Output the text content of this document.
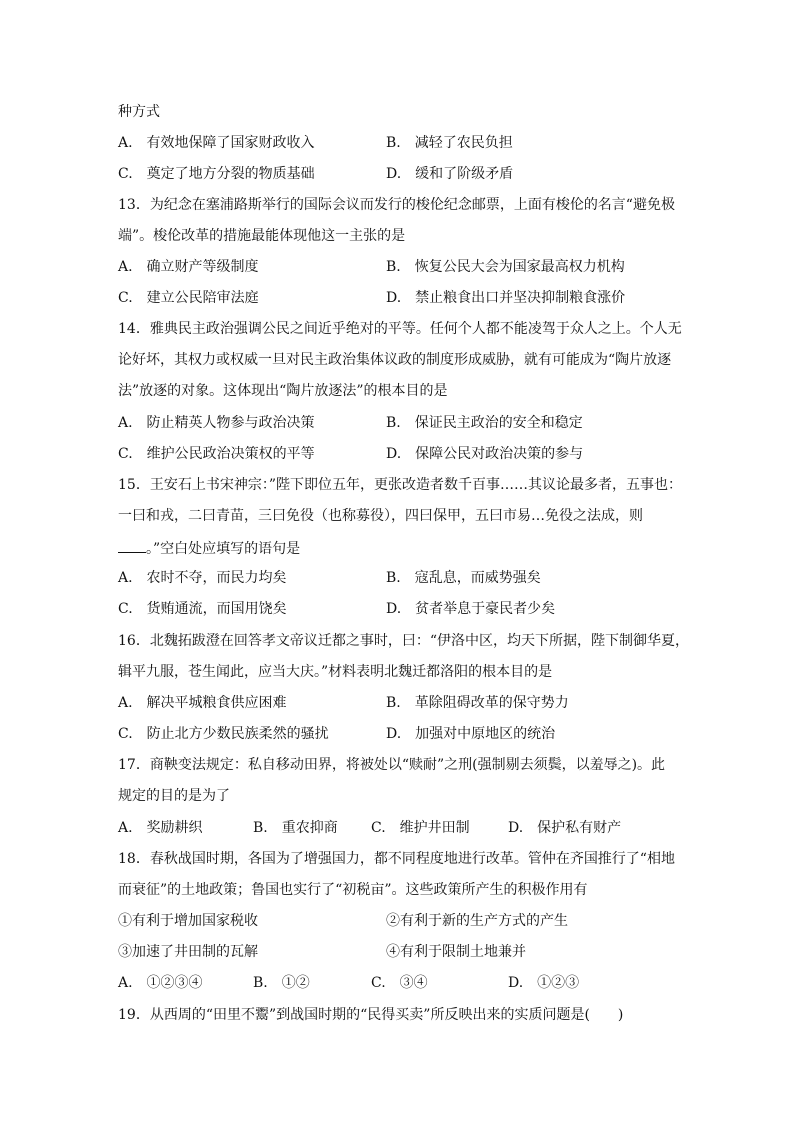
种方式
A.　有效地保障了国家财政收入	B.　减轻了农民负担
C.　奠定了地方分裂的物质基础	D.　缓和了阶级矛盾
13．为纪念在塞浦路斯举行的国际会议而发行的梭伦纪念邮票，上面有梭伦的名言“避免极
端”。梭伦改革的措施最能体现他这一主张的是
A.　确立财产等级制度	B.　恢复公民大会为国家最高权力机构
C.　建立公民陪审法庭	D.　禁止粮食出口并坚决抑制粮食涨价
14．雅典民主政治强调公民之间近乎绝对的平等。任何个人都不能凌驾于众人之上。个人无
论好坏，其权力或权威一旦对民主政治集体议政的制度形成威胁，就有可能成为“陶片放逐
法”放逐的对象。这体现出“陶片放逐法”的根本目的是
A.　防止精英人物参与政治决策	B.　保证民主政治的安全和稳定
C.　维护公民政治决策权的平等	D.　保障公民对政治决策的参与
15．王安石上书宋神宗：”陛下即位五年，更张改造者数千百事……其议论最多者，五事也：
一曰和戎，二曰青苗，三曰免役（也称募役），四曰保甲，五曰市易…免役之法成，则
。”空白处应填写的语句是
A.　农时不夺，而民力均矣	B.　寇乱息，而威势强矣
C.　货贿通流，而国用饶矣	D.　贫者举息于豪民者少矣
16．北魏拓跋澄在回答孝文帝议迁都之事时，曰：“伊洛中区，均天下所据，陛下制御华夏，
辑平九服，苍生闻此，应当大庆。”材料表明北魏迁都洛阳的根本目的是
A.　解决平城粮食供应困难	B.　革除阻碍改革的保守势力
C.　防止北方少数民族柔然的骚扰	D.　加强对中原地区的统治
17．商鞅变法规定：私自移动田界，将被处以“赎耐”之刑(强制剔去须鬓，以羞辱之)。此
规定的目的是为了
A.　奖励耕织	B.　重农抑商 C.　维护井田制	D.　保护私有财产
18．春秋战国时期，各国为了增强国力，都不同程度地进行改革。管仲在齐国推行了“相地
而衰征”的土地政策；鲁国也实行了“初税亩”。这些政策所产生的积极作用有
①有利于增加国家税收	②有利于新的生产方式的产生
③加速了井田制的瓦解	④有利于限制土地兼并
A.　①②③④	B.　①②	C.　③④	D.　①②③
19．从西周的“田里不鬻”到战国时期的“民得买卖”所反映出来的实质问题是(　　)
